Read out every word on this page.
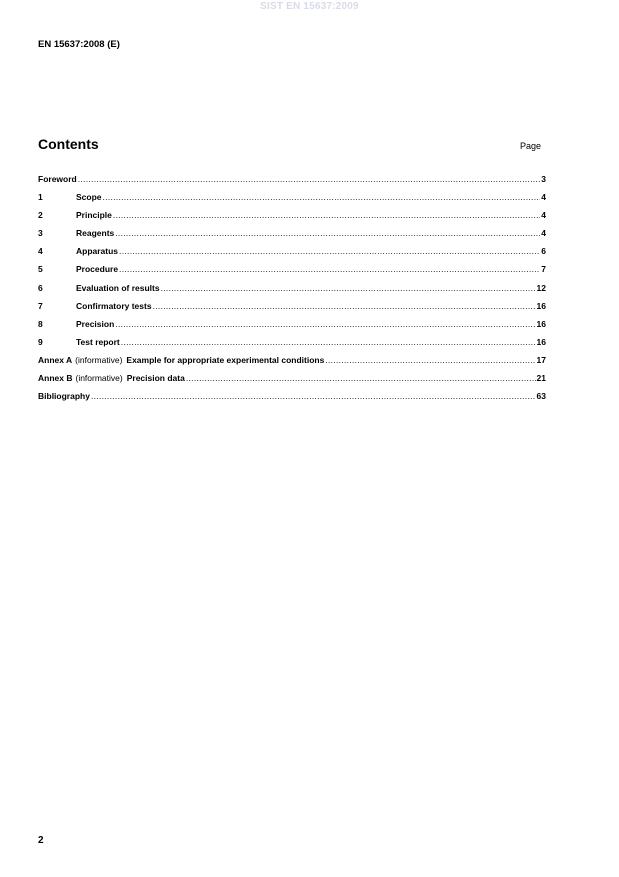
SIST EN 15637:2009
EN 15637:2008 (E)
Contents	Page
Foreword .....	3
1	Scope .....	4
2	Principle .....	4
3	Reagents .....	4
4	Apparatus .....	6
5	Procedure .....	7
6	Evaluation of results .....	12
7	Confirmatory tests .....	16
8	Precision .....	16
9	Test report .....	16
Annex A (informative) Example for appropriate experimental conditions .....	17
Annex B (informative) Precision data .....	21
Bibliography .....	63
2
